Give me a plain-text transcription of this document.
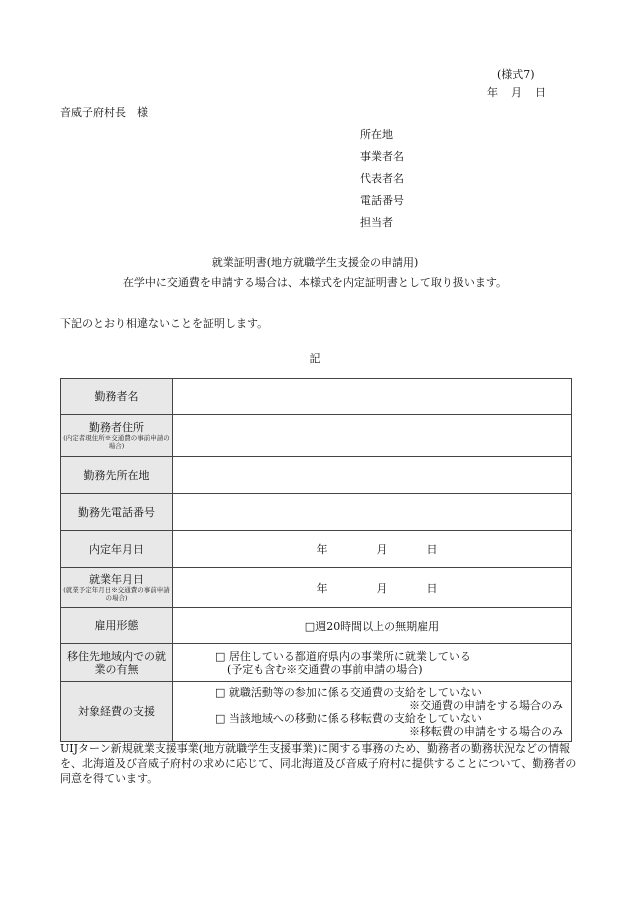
(様式7)
年　月　日
音威子府村長　様
所在地
事業者名
代表者名
電話番号
担当者
就業証明書(地方就職学生支援金の申請用)
在学中に交通費を申請する場合は、本様式を内定証明書として取り扱います。
下記のとおり相違ないことを証明します。
記
勤務者名	
勤務者住所
(内定者現住所※交通費の事前申請の場合)	

勤務先所在地	
勤務先電話番号	
内定年月日	年 月 日
就業年月日
(就業予定年月日※交通費の事前申請の場合)	年 月 日
雇用形態	□週20時間以上の無期雇用

移住先地域内での就
業の有無	□ 居住している都道府県内の事業所に就業している
(予定も含む※交通費の事前申請の場合)

対象経費の支援	□ 就職活動等の参加に係る交通費の支給をしていない
※交通費の申請をする場合のみ
□ 当該地域への移動に係る移転費の支給をしていない
※移転費の申請をする場合のみ
UIJターン新規就業支援事業(地方就職学生支援事業)に関する事務のため、勤務者の勤務状況などの情報を、北海道及び音威子府村の求めに応じて、同北海道及び音威子府村に提供することについて、勤務者の同意を得ています。
